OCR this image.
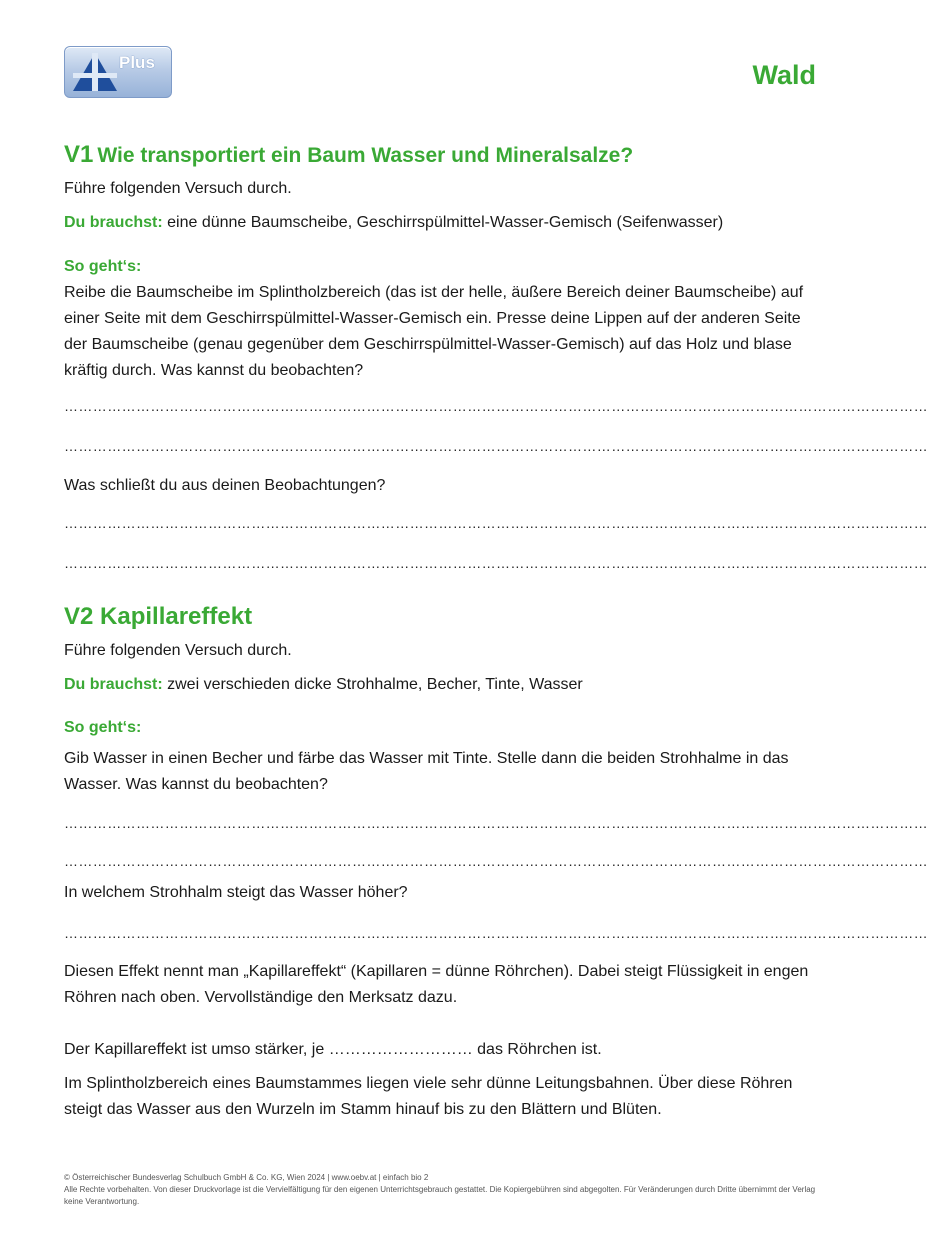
Plus	Wald
V1 Wie transportiert ein Baum Wasser und Mineralsalze?
Führe folgenden Versuch durch.
Du brauchst: eine dünne Baumscheibe, Geschirrspülmittel-Wasser-Gemisch (Seifenwasser)
So geht‘s:
Reibe die Baumscheibe im Splintholzbereich (das ist der helle, äußere Bereich deiner Baumscheibe) auf einer Seite mit dem Geschirrspülmittel-Wasser-Gemisch ein. Presse deine Lippen auf der anderen Seite der Baumscheibe (genau gegenüber dem Geschirrspülmittel-Wasser-Gemisch) auf das Holz und blase kräftig durch. Was kannst du beobachten?
………………………………………………………………………………………………………………………………………………………………
………………………………………………………………………………………………………………………………………………………………
Was schließt du aus deinen Beobachtungen?
………………………………………………………………………………………………………………………………………………………………
………………………………………………………………………………………………………………………………………………………………
V2 Kapillareffekt
Führe folgenden Versuch durch.
Du brauchst: zwei verschieden dicke Strohhalme, Becher, Tinte, Wasser
So geht‘s:
Gib Wasser in einen Becher und färbe das Wasser mit Tinte. Stelle dann die beiden Strohhalme in das Wasser. Was kannst du beobachten?
………………………………………………………………………………………………………………………………………………………………
………………………………………………………………………………………………………………………………………………………………
In welchem Strohhalm steigt das Wasser höher?
………………………………………………………………………………………………………………………………………………………………
Diesen Effekt nennt man „Kapillareffekt“ (Kapillaren = dünne Röhrchen). Dabei steigt Flüssigkeit in engen Röhren nach oben. Vervollständige den Merksatz dazu.
Der Kapillareffekt ist umso stärker, je ……………………… das Röhrchen ist.
Im Splintholzbereich eines Baumstammes liegen viele sehr dünne Leitungsbahnen. Über diese Röhren steigt das Wasser aus den Wurzeln im Stamm hinauf bis zu den Blättern und Blüten.
© Österreichischer Bundesverlag Schulbuch GmbH & Co. KG, Wien 2024 | www.oebv.at | einfach bio 2
Alle Rechte vorbehalten. Von dieser Druckvorlage ist die Vervielfältigung für den eigenen Unterrichtsgebrauch gestattet. Die Kopiergebühren sind abgegolten. Für Veränderungen durch Dritte übernimmt der Verlag keine Verantwortung.
